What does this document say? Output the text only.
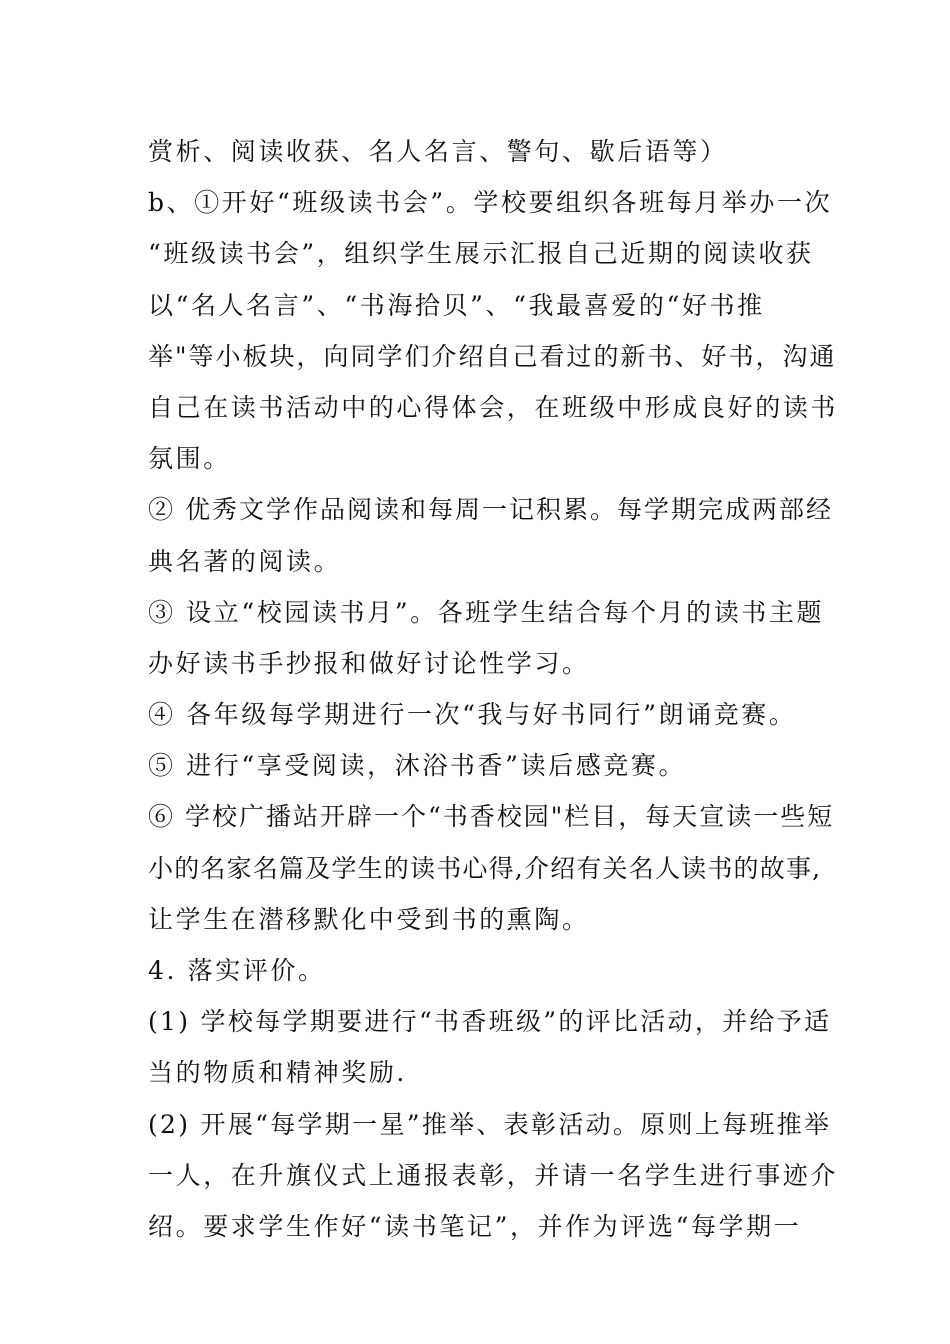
赏析、阅读收获、名人名言、警句、歇后语等）
b、①开好“班级读书会”。学校要组织各班每月举办一次
“班级读书会”，组织学生展示汇报自己近期的阅读收获
以“名人名言”、“书海拾贝”、“我最喜爱的“好书推
举"等小板块，向同学们介绍自己看过的新书、好书，沟通
自己在读书活动中的心得体会，在班级中形成良好的读书
氛围。
② 优秀文学作品阅读和每周一记积累。每学期完成两部经
典名著的阅读。
③ 设立“校园读书月”。各班学生结合每个月的读书主题
办好读书手抄报和做好讨论性学习。
④ 各年级每学期进行一次“我与好书同行”朗诵竞赛。
⑤ 进行“享受阅读，沐浴书香”读后感竞赛。
⑥ 学校广播站开辟一个“书香校园"栏目，每天宣读一些短
小的名家名篇及学生的读书心得,介绍有关名人读书的故事,
让学生在潜移默化中受到书的熏陶。
4. 落实评价。
(1) 学校每学期要进行“书香班级”的评比活动，并给予适
当的物质和精神奖励.
(2) 开展“每学期一星”推举、表彰活动。原则上每班推举
一人，在升旗仪式上通报表彰，并请一名学生进行事迹介
绍。要求学生作好“读书笔记”，并作为评选“每学期一
